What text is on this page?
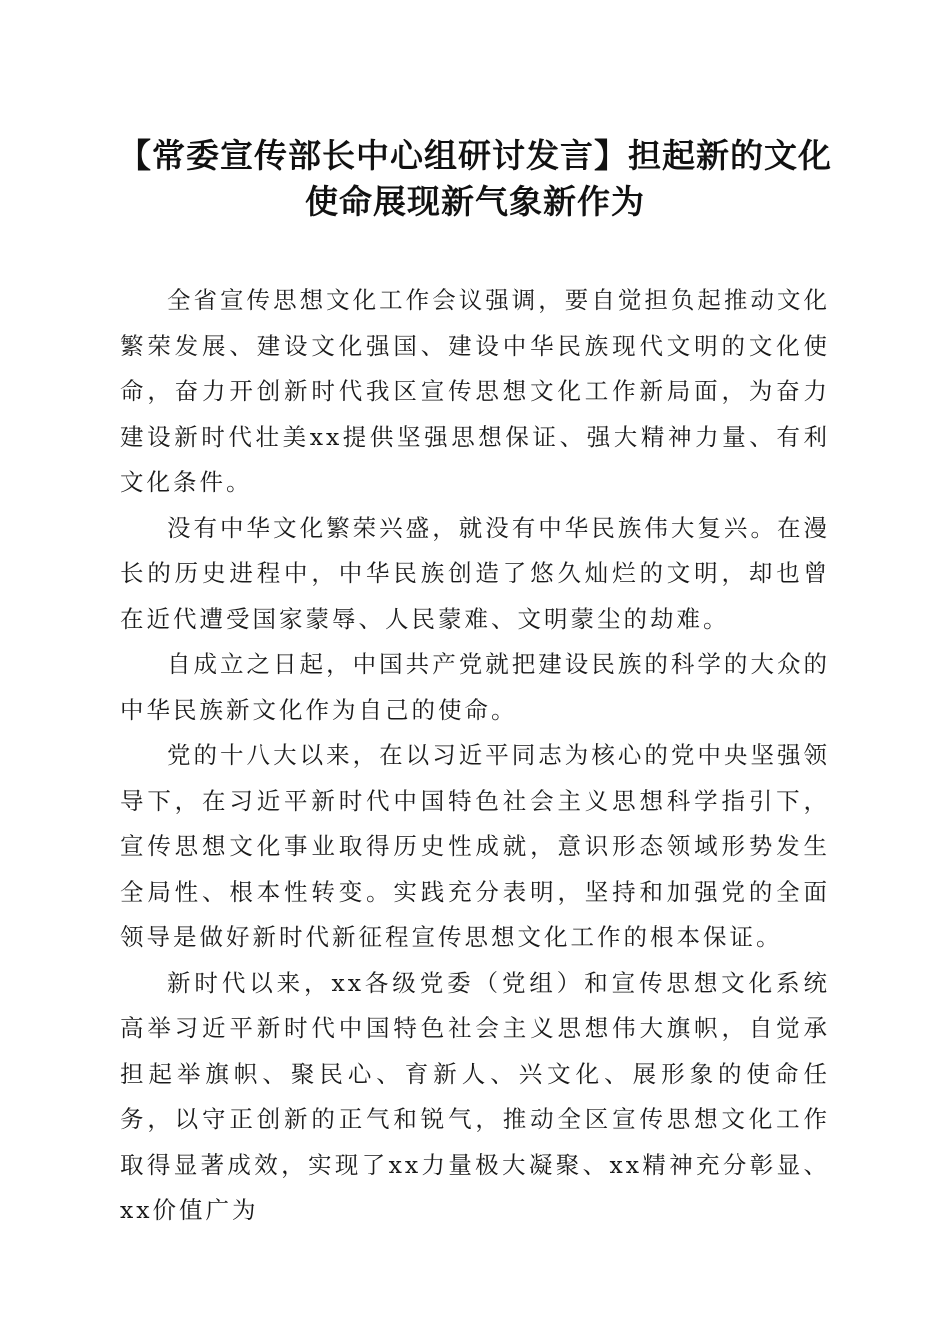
【常委宣传部长中心组研讨发言】担起新的文化使命展现新气象新作为

全省宣传思想文化工作会议强调，要自觉担负起推动文化繁荣发展、建设文化强国、建设中华民族现代文明的文化使命，奋力开创新时代我区宣传思想文化工作新局面，为奋力建设新时代壮美xx提供坚强思想保证、强大精神力量、有利文化条件。

没有中华文化繁荣兴盛，就没有中华民族伟大复兴。在漫长的历史进程中，中华民族创造了悠久灿烂的文明，却也曾在近代遭受国家蒙辱、人民蒙难、文明蒙尘的劫难。

自成立之日起，中国共产党就把建设民族的科学的大众的中华民族新文化作为自己的使命。

党的十八大以来，在以习近平同志为核心的党中央坚强领导下，在习近平新时代中国特色社会主义思想科学指引下，宣传思想文化事业取得历史性成就，意识形态领域形势发生全局性、根本性转变。实践充分表明，坚持和加强党的全面领导是做好新时代新征程宣传思想文化工作的根本保证。

新时代以来，xx各级党委（党组）和宣传思想文化系统高举习近平新时代中国特色社会主义思想伟大旗帜，自觉承担起举旗帜、聚民心、育新人、兴文化、展形象的使命任务，以守正创新的正气和锐气，推动全区宣传思想文化工作取得显著成效，实现了xx力量极大凝聚、xx精神充分彰显、xx价值广为
